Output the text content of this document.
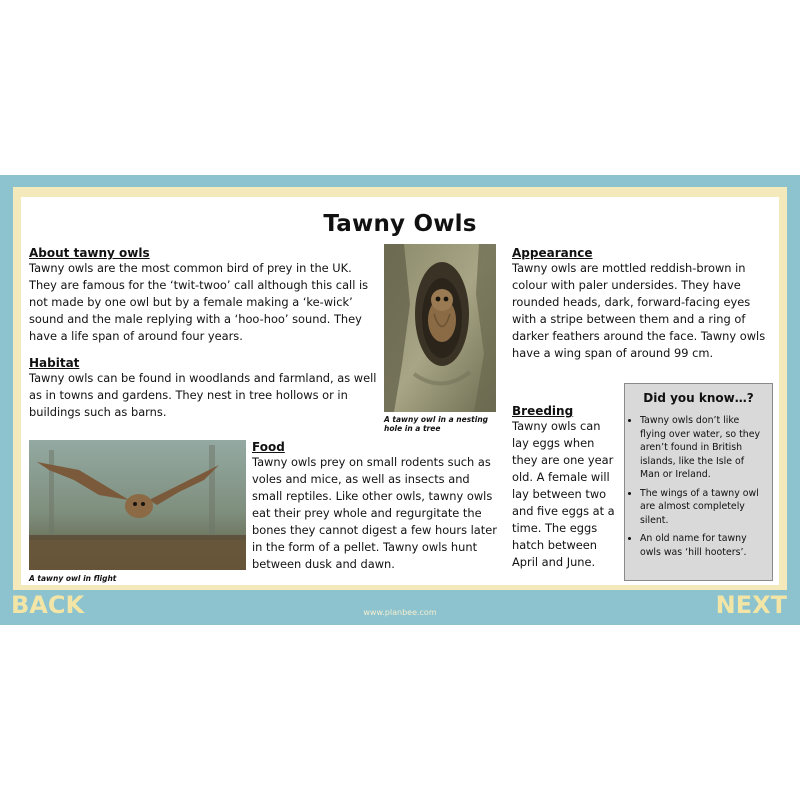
Tawny Owls
About tawny owls

Tawny owls are the most common bird of prey in the UK. They are famous for the ‘twit-twoo’ call although this call is not made by one owl but by a female making a ‘ke-wick’ sound and the male replying with a ‘hoo-hoo’ sound. They have a life span of around four years.

Habitat

Tawny owls can be found in woodlands and farmland, as well as in towns and gardens. They nest in tree hollows or in buildings such as barns.

A tawny owl in a nesting hole in a tree
A tawny owl in flight
Food

Tawny owls prey on small rodents such as voles and mice, as well as insects and small reptiles. Like other owls, tawny owls eat their prey whole and regurgitate the bones they cannot digest a few hours later in the form of a pellet. Tawny owls hunt between dusk and dawn.

Appearance

Tawny owls are mottled reddish-brown in colour with paler undersides. They have rounded heads, dark, forward-facing eyes with a stripe between them and a ring of darker feathers around the face. Tawny owls have a wing span of around 99 cm.

Breeding

Tawny owls can lay eggs when they are one year old. A female will lay between two and five eggs at a time. The eggs hatch between April and June.

Did you know…?
• Tawny owls don’t like flying over water, so they aren’t found in British islands, like the Isle of Man or Ireland.
• The wings of a tawny owl are almost completely silent.
• An old name for tawny owls was ‘hill hooters’.
BACK	www.planbee.com	NEXT
